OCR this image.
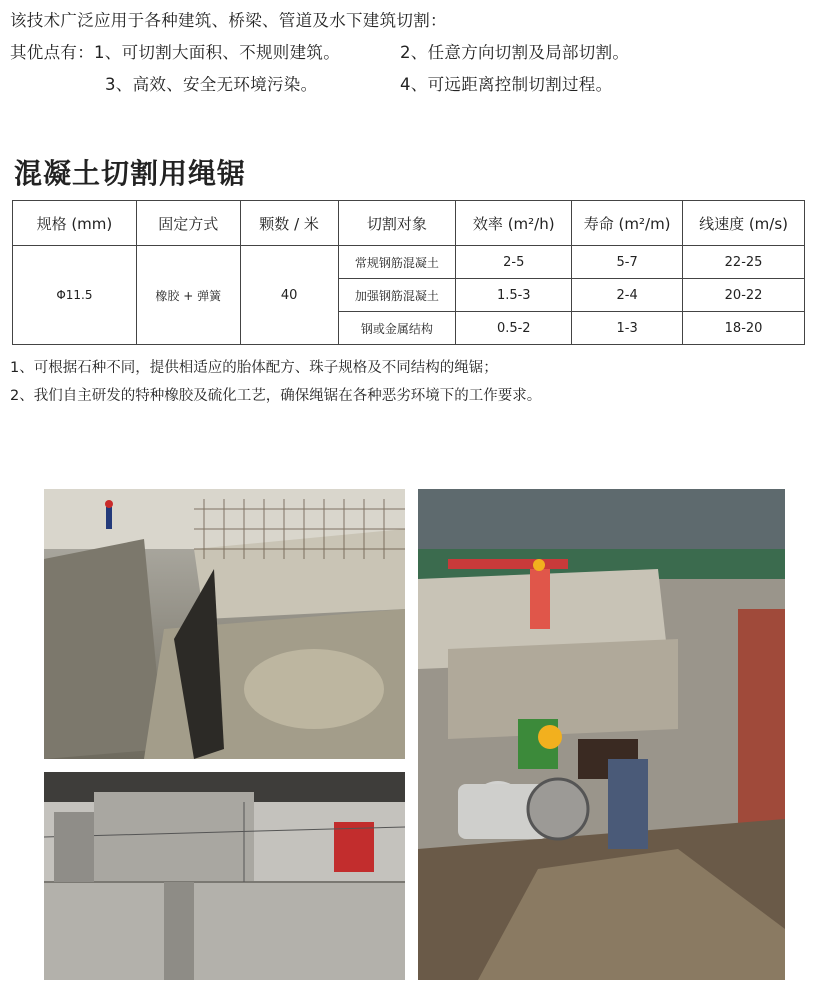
该技术广泛应用于各种建筑、桥梁、管道及水下建筑切割：
其优点有：1、可切割大面积、不规则建筑。	2、任意方向切割及局部切割。
3、高效、安全无环境污染。	4、可远距离控制切割过程。
混凝土切割用绳锯
规格 (mm)	固定方式	颗数 / 米	切割对象	效率 (m²/h)	寿命 (m²/m)	线速度 (m/s)
Φ11.5	橡胶 + 弹簧	40	常规钢筋混凝土	2-5	5-7	22-25
			加强钢筋混凝土	1.5-3	2-4	20-22
			钢或金属结构	0.5-2	1-3	18-20
1、可根据石种不同，提供相适应的胎体配方、珠子规格及不同结构的绳锯；
2、我们自主研发的特种橡胶及硫化工艺，确保绳锯在各种恶劣环境下的工作要求。
